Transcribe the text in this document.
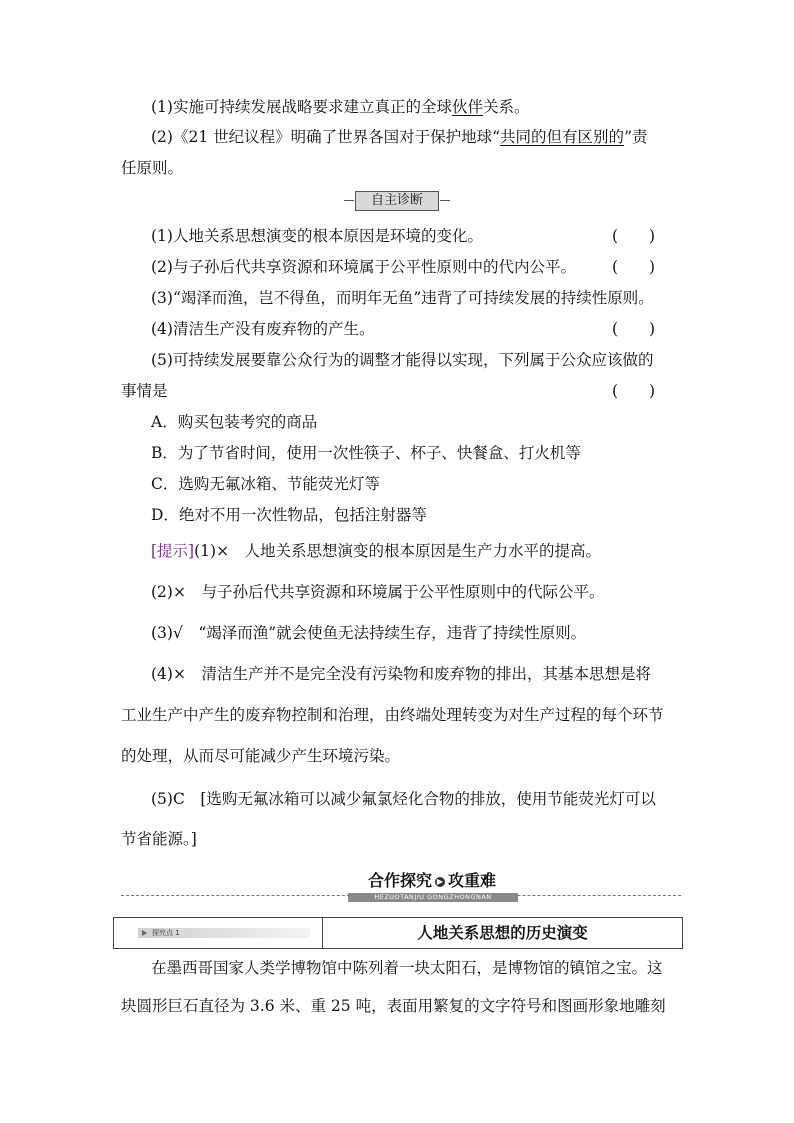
(1)实施可持续发展战略要求建立真正的全球伙伴关系。
(2)《21 世纪议程》明确了世界各国对于保护地球“共同的但有区别的”责
任原则。
自主诊断
(1)人地关系思想演变的根本原因是环境的变化。	(　　)
(2)与子孙后代共享资源和环境属于公平性原则中的代内公平。	(　　)
(3)“竭泽而渔，岂不得鱼，而明年无鱼”违背了可持续发展的持续性原则。
(4)清洁生产没有废弃物的产生。	(　　)
(5)可持续发展要靠公众行为的调整才能得以实现，下列属于公众应该做的
事情是	(　　)
A．购买包装考究的商品
B．为了节省时间，使用一次性筷子、杯子、快餐盒、打火机等
C．选购无氟冰箱、节能荧光灯等
D．绝对不用一次性物品，包括注射器等
[提示](1)×　人地关系思想演变的根本原因是生产力水平的提高。
(2)×　与子孙后代共享资源和环境属于公平性原则中的代际公平。
(3)√　“竭泽而渔”就会使鱼无法持续生存，违背了持续性原则。
(4)×　清洁生产并不是完全没有污染物和废弃物的排出，其基本思想是将
工业生产中产生的废弃物控制和治理，由终端处理转变为对生产过程的每个环节
的处理，从而尽可能减少产生环境污染。
(5)C　[选购无氟冰箱可以减少氟氯烃化合物的排放，使用节能荧光灯可以
节省能源。]
合作探究 ▶ 攻重难
HEZUOTANJIU GONGZHONGNAN
探究点 1	人地关系思想的历史演变
在墨西哥国家人类学博物馆中陈列着一块太阳石，是博物馆的镇馆之宝。这
块圆形巨石直径为 3.6 米、重 25 吨，表面用繁复的文字符号和图画形象地雕刻
